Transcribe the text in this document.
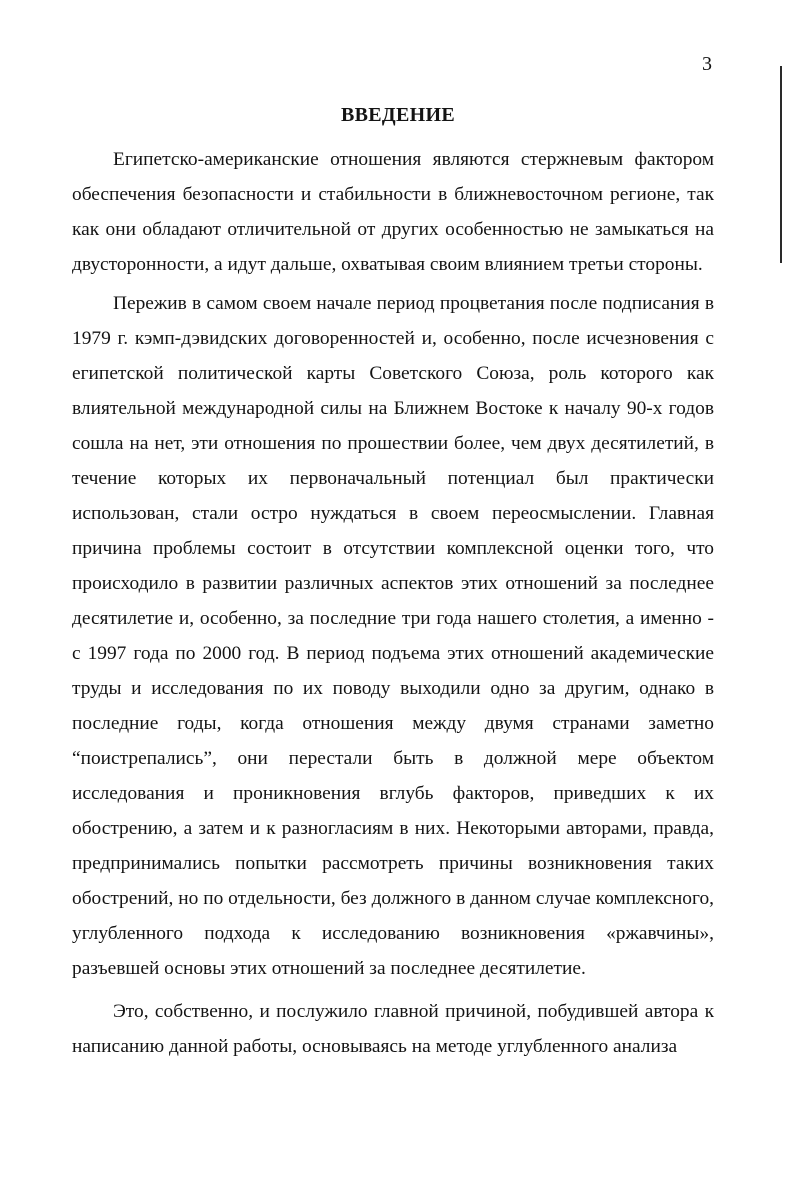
3
ВВЕДЕНИЕ

Египетско-американские отношения являются стержневым фактором обеспечения безопасности и стабильности в ближневосточном регионе, так как они обладают отличительной от других особенностью не замыкаться на двусторонности, а идут дальше, охватывая своим влиянием третьи стороны.

Пережив в самом своем начале период процветания после подписания в 1979 г. кэмп-дэвидских договоренностей и, особенно, после исчезновения с египетской политической карты Советского Союза, роль которого как влиятельной международной силы на Ближнем Востоке к началу 90-х годов сошла на нет, эти отношения по прошествии более, чем двух десятилетий, в течение которых их первоначальный потенциал был практически использован, стали остро нуждаться в своем переосмыслении. Главная причина проблемы состоит в отсутствии комплексной оценки того, что происходило в развитии различных аспектов этих отношений за последнее десятилетие и, особенно, за последние три года нашего столетия, а именно - с 1997 года по 2000 год. В период подъема этих отношений академические труды и исследования по их поводу выходили одно за другим, однако в последние годы, когда отношения между двумя странами заметно “поистрепались”, они перестали быть в должной мере объектом исследования и проникновения вглубь факторов, приведших к их обострению, а затем и к разногласиям в них. Некоторыми авторами, правда, предпринимались попытки рассмотреть причины возникновения таких обострений, но по отдельности, без должного в данном случае комплексного, углубленного подхода к исследованию возникновения «ржавчины», разъевшей основы этих отношений за последнее десятилетие.

Это, собственно, и послужило главной причиной, побудившей автора к написанию данной работы, основываясь на методе углубленного анализа
